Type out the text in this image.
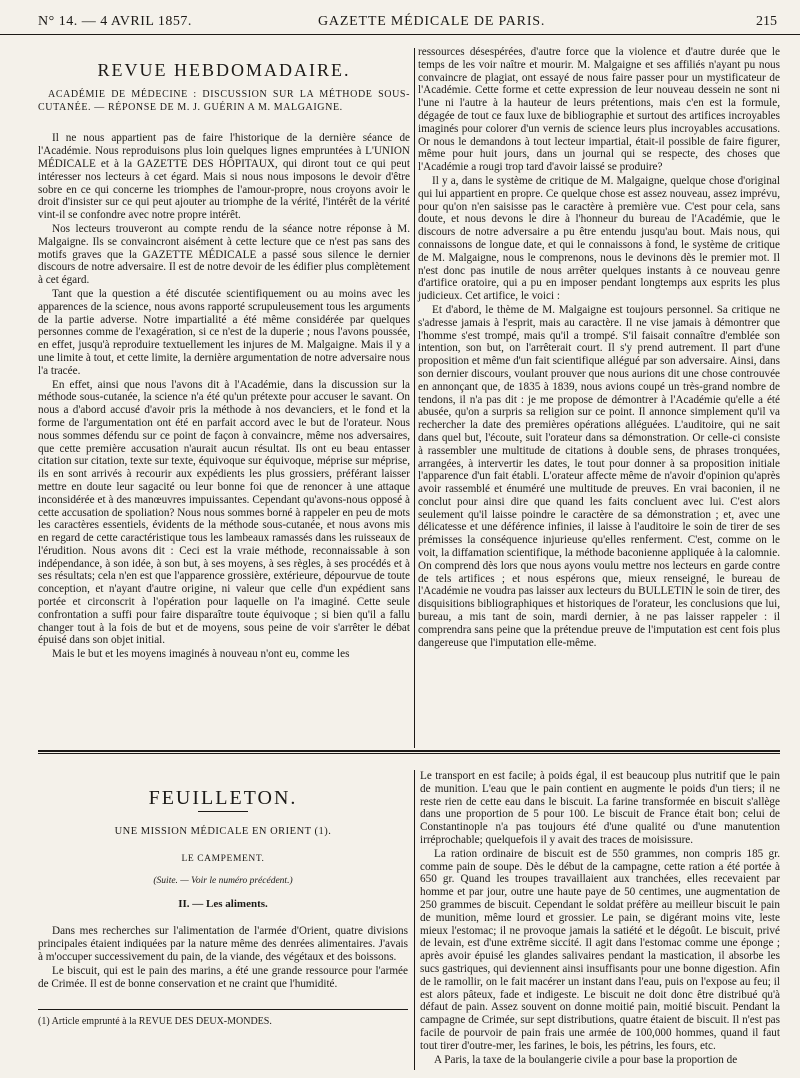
N° 14. — 4 AVRIL 1857.	GAZETTE MÉDICALE DE PARIS.	215
REVUE HEBDOMADAIRE.
ACADÉMIE DE MÉDECINE : DISCUSSION SUR LA MÉTHODE SOUS-CUTANÉE. — RÉPONSE DE M. J. GUÉRIN A M. MALGAIGNE.

Il ne nous appartient pas de faire l'historique de la dernière séance de l'Académie. Nous reproduisons plus loin quelques lignes empruntées à L'UNION MÉDICALE et à la GAZETTE DES HÔPITAUX, qui diront tout ce qui peut intéresser nos lecteurs à cet égard. Mais si nous nous imposons le devoir d'être sobre en ce qui concerne les triomphes de l'amour-propre, nous croyons avoir le droit d'insister sur ce qui peut ajouter au triomphe de la vérité, l'intérêt de la vérité vint-il se confondre avec notre propre intérêt.

Nos lecteurs trouveront au compte rendu de la séance notre réponse à M. Malgaigne. Ils se convaincront aisément à cette lecture que ce n'est pas sans des motifs graves que la GAZETTE MÉDICALE a passé sous silence le dernier discours de notre adversaire. Il est de notre devoir de les édifier plus complètement à cet égard.

Tant que la question a été discutée scientifiquement ou au moins avec les apparences de la science, nous avons rapporté scrupuleusement tous les arguments de la partie adverse. Notre impartialité a été même considérée par quelques personnes comme de l'exagération, si ce n'est de la duperie ; nous l'avons poussée, en effet, jusqu'à reproduire textuellement les injures de M. Malgaigne. Mais il y a une limite à tout, et cette limite, la dernière argumentation de notre adversaire nous l'a tracée.

En effet, ainsi que nous l'avons dit à l'Académie, dans la discussion sur la méthode sous-cutanée, la science n'a été qu'un prétexte pour accuser le savant. On nous a d'abord accusé d'avoir pris la méthode à nos devanciers, et le fond et la forme de l'argumentation ont été en parfait accord avec le but de l'orateur. Nous nous sommes défendu sur ce point de façon à convaincre, même nos adversaires, que cette première accusation n'aurait aucun résultat. Ils ont eu beau entasser citation sur citation, texte sur texte, équivoque sur équivoque, méprise sur méprise, ils en sont arrivés à recourir aux expédients les plus grossiers, préférant laisser mettre en doute leur sagacité ou leur bonne foi que de renoncer à une attaque inconsidérée et à des manœuvres impuissantes. Cependant qu'avons-nous opposé à cette accusation de spoliation? Nous nous sommes borné à rappeler en peu de mots les caractères essentiels, évidents de la méthode sous-cutanée, et nous avons mis en regard de cette caractéristique tous les lambeaux ramassés dans les ruisseaux de l'érudition. Nous avons dit : Ceci est la vraie méthode, reconnaissable à son indépendance, à son idée, à son but, à ses moyens, à ses règles, à ses procédés et à ses résultats; cela n'en est que l'apparence grossière, extérieure, dépourvue de toute conception, et n'ayant d'autre origine, ni valeur que celle d'un expédient sans portée et circonscrit à l'opération pour laquelle on l'a imaginé. Cette seule confrontation a suffi pour faire disparaître toute équivoque ; si bien qu'il a fallu changer tout à la fois de but et de moyens, sous peine de voir s'arrêter le débat épuisé dans son objet initial.

Mais le but et les moyens imaginés à nouveau n'ont eu, comme les

ressources désespérées, d'autre force que la violence et d'autre durée que le temps de les voir naître et mourir. M. Malgaigne et ses affiliés n'ayant pu nous convaincre de plagiat, ont essayé de nous faire passer pour un mystificateur de l'Académie. Cette forme et cette expression de leur nouveau dessein ne sont ni l'une ni l'autre à la hauteur de leurs prétentions, mais c'en est la formule, dégagée de tout ce faux luxe de bibliographie et surtout des artifices incroyables imaginés pour colorer d'un vernis de science leurs plus incroyables accusations. Or nous le demandons à tout lecteur impartial, était-il possible de faire figurer, même pour huit jours, dans un journal qui se respecte, des choses que l'Académie a rougi trop tard d'avoir laissé se produire?

Il y a, dans le système de critique de M. Malgaigne, quelque chose d'original qui lui appartient en propre. Ce quelque chose est assez nouveau, assez imprévu, pour qu'on n'en saisisse pas le caractère à première vue. C'est pour cela, sans doute, et nous devons le dire à l'honneur du bureau de l'Académie, que le discours de notre adversaire a pu être entendu jusqu'au bout. Mais nous, qui connaissons de longue date, et qui le connaissons à fond, le système de critique de M. Malgaigne, nous le comprenons, nous le devinons dès le premier mot. Il n'est donc pas inutile de nous arrêter quelques instants à ce nouveau genre d'artifice oratoire, qui a pu en imposer pendant longtemps aux esprits les plus judicieux. Cet artifice, le voici :

Et d'abord, le thème de M. Malgaigne est toujours personnel. Sa critique ne s'adresse jamais à l'esprit, mais au caractère. Il ne vise jamais à démontrer que l'homme s'est trompé, mais qu'il a trompé. S'il faisait connaître d'emblée son intention, son but, on l'arrêterait court. Il s'y prend autrement. Il part d'une proposition et même d'un fait scientifique allégué par son adversaire. Ainsi, dans son dernier discours, voulant prouver que nous aurions dit une chose controuvée en annonçant que, de 1835 à 1839, nous avions coupé un très-grand nombre de tendons, il n'a pas dit : je me propose de démontrer à l'Académie qu'elle a été abusée, qu'on a surpris sa religion sur ce point. Il annonce simplement qu'il va rechercher la date des premières opérations alléguées. L'auditoire, qui ne sait dans quel but, l'écoute, suit l'orateur dans sa démonstration. Or celle-ci consiste à rassembler une multitude de citations à double sens, de phrases tronquées, arrangées, à intervertir les dates, le tout pour donner à sa proposition initiale l'apparence d'un fait établi. L'orateur affecte même de n'avoir d'opinion qu'après avoir rassemblé et énuméré une multitude de preuves. En vrai baconien, il ne conclut pour ainsi dire que quand les faits concluent avec lui. C'est alors seulement qu'il laisse poindre le caractère de sa démonstration ; et, avec une délicatesse et une déférence infinies, il laisse à l'auditoire le soin de tirer de ses prémisses la conséquence injurieuse qu'elles renferment. C'est, comme on le voit, la diffamation scientifique, la méthode baconienne appliquée à la calomnie. On comprend dès lors que nous ayons voulu mettre nos lecteurs en garde contre de tels artifices ; et nous espérons que, mieux renseigné, le bureau de l'Académie ne voudra pas laisser aux lecteurs du BULLETIN le soin de tirer, des disquisitions bibliographiques et historiques de l'orateur, les conclusions que lui, bureau, a mis tant de soin, mardi dernier, à ne pas laisser rappeler : il comprendra sans peine que la prétendue preuve de l'imputation est cent fois plus dangereuse que l'imputation elle-même.

FEUILLETON.
UNE MISSION MÉDICALE EN ORIENT (1).
LE CAMPEMENT.
(Suite. — Voir le numéro précédent.)
II. — Les aliments.

Dans mes recherches sur l'alimentation de l'armée d'Orient, quatre divisions principales étaient indiquées par la nature même des denrées alimentaires. J'avais à m'occuper successivement du pain, de la viande, des végétaux et des boissons.

Le biscuit, qui est le pain des marins, a été une grande ressource pour l'armée de Crimée. Il est de bonne conservation et ne craint que l'humidité.

(1) Article emprunté à la REVUE DES DEUX-MONDES.

Le transport en est facile; à poids égal, il est beaucoup plus nutritif que le pain de munition. L'eau que le pain contient en augmente le poids d'un tiers; il ne reste rien de cette eau dans le biscuit. La farine transformée en biscuit s'allège dans une proportion de 5 pour 100. Le biscuit de France était bon; celui de Constantinople n'a pas toujours été d'une qualité ou d'une manutention irréprochable; quelquefois il y avait des traces de moisissure.

La ration ordinaire de biscuit est de 550 grammes, non compris 185 gr. comme pain de soupe. Dès le début de la campagne, cette ration a été portée à 650 gr. Quand les troupes travaillaient aux tranchées, elles recevaient par homme et par jour, outre une haute paye de 50 centimes, une augmentation de 250 grammes de biscuit. Cependant le soldat préfère au meilleur biscuit le pain de munition, même lourd et grossier. Le pain, se digérant moins vite, leste mieux l'estomac; il ne provoque jamais la satiété et le dégoût. Le biscuit, privé de levain, est d'une extrême siccité. Il agit dans l'estomac comme une éponge ; après avoir épuisé les glandes salivaires pendant la mastication, il absorbe les sucs gastriques, qui deviennent ainsi insuffisants pour une bonne digestion. Afin de le ramollir, on le fait macérer un instant dans l'eau, puis on l'expose au feu; il est alors pâteux, fade et indigeste. Le biscuit ne doit donc être distribué qu'à défaut de pain. Assez souvent on donne moitié pain, moitié biscuit. Pendant la campagne de Crimée, sur sept distributions, quatre étaient de biscuit. Il n'est pas facile de pourvoir de pain frais une armée de 100,000 hommes, quand il faut tout tirer d'outre-mer, les farines, le bois, les pétrins, les fours, etc.

A Paris, la taxe de la boulangerie civile a pour base la proportion de
